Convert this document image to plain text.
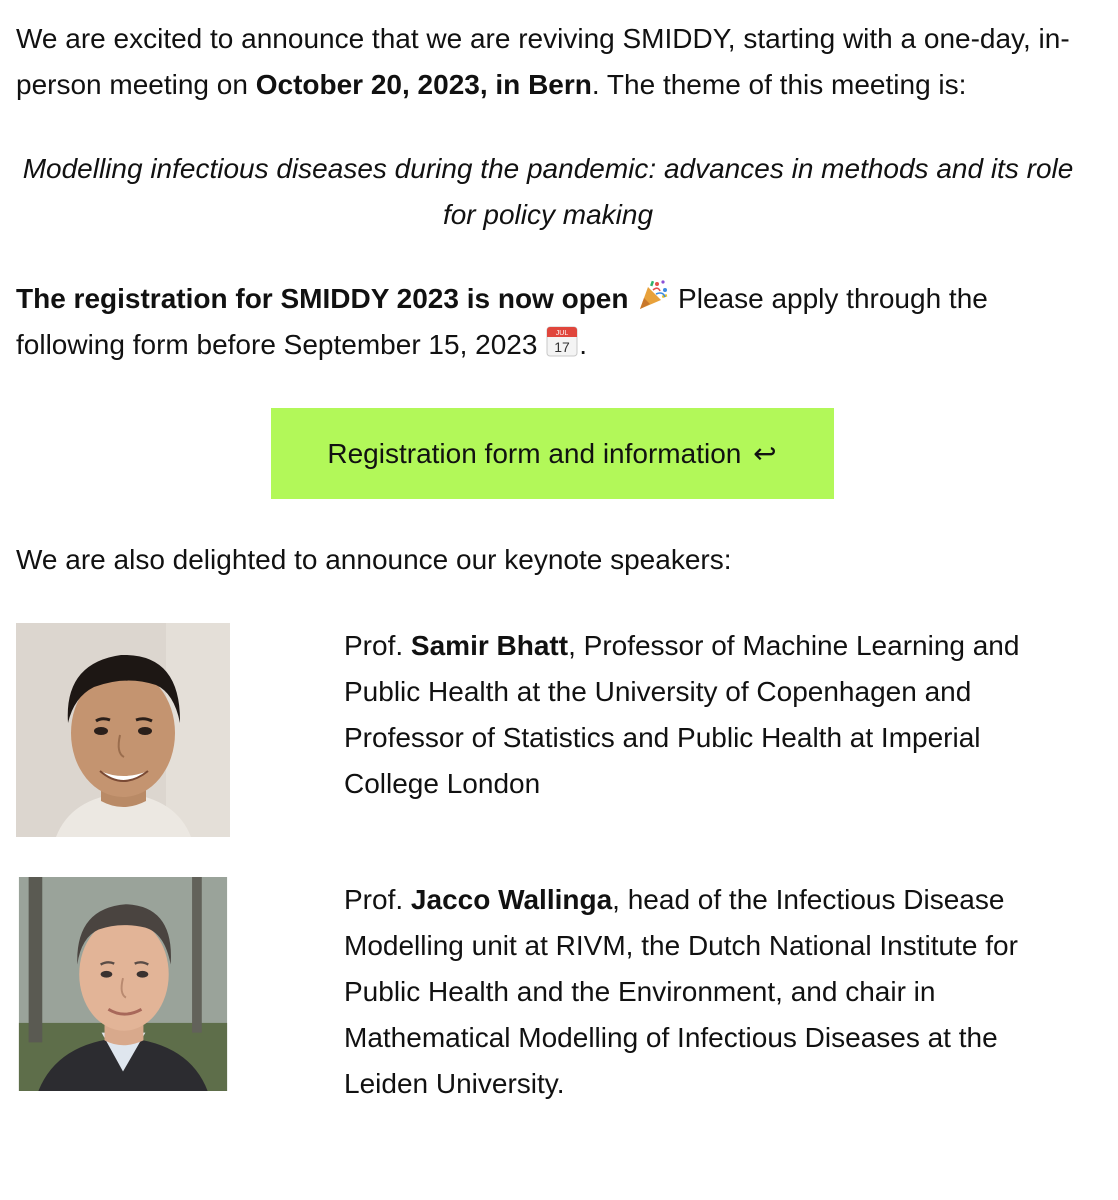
We are excited to announce that we are reviving SMIDDY, starting with a one-day, in-person meeting on October 20, 2023, in Bern. The theme of this meeting is:

Modelling infectious diseases during the pandemic: advances in methods and its role for policy making

The registration for SMIDDY 2023 is now open
Please apply through the following form before September 15, 2023 JUL
17 .

Registration form and information ↩

We are also delighted to announce our keynote speakers:

Prof. Samir Bhatt, Professor of Machine Learning and Public Health at the University of Copenhagen and Professor of Statistics and Public Health at Imperial College London
Prof. Jacco Wallinga, head of the Infectious Disease Modelling unit at RIVM, the Dutch National Institute for Public Health and the Environment, and chair in Mathematical Modelling of Infectious Diseases at the Leiden University.
